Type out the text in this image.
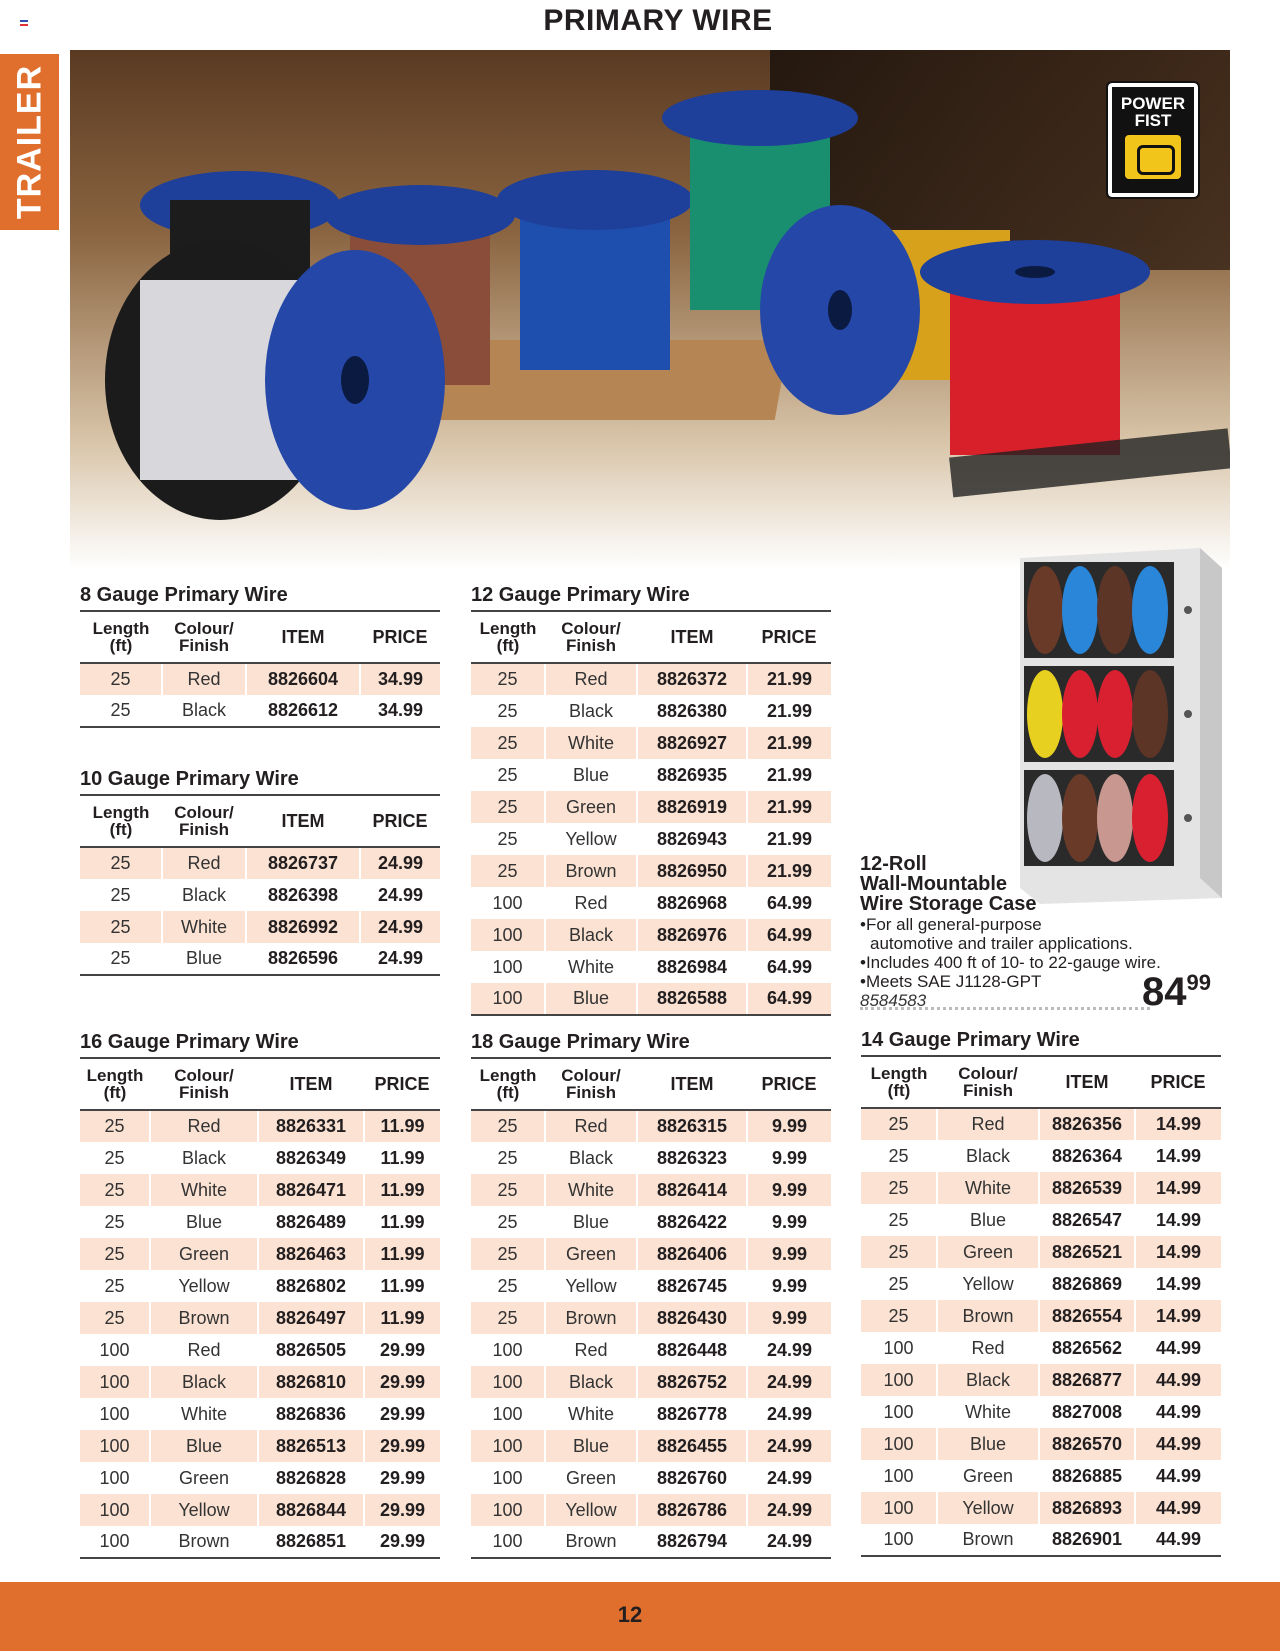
PRIMARY WIRE
TRAILER	POWER
FIST
8 Gauge Primary Wire
Length
(ft)	Colour/
Finish	ITEM	PRICE
25	Red	8826604	34.99
25	Black	8826612	34.99
10 Gauge Primary Wire
Length
(ft)	Colour/
Finish	ITEM	PRICE
25	Red	8826737	24.99
25	Black	8826398	24.99
25	White	8826992	24.99
25	Blue	8826596	24.99
12 Gauge Primary Wire
Length
(ft)	Colour/
Finish	ITEM	PRICE
25	Red	8826372	21.99
25	Black	8826380	21.99
25	White	8826927	21.99
25	Blue	8826935	21.99
25	Green	8826919	21.99
25	Yellow	8826943	21.99
25	Brown	8826950	21.99
100	Red	8826968	64.99
100	Black	8826976	64.99
100	White	8826984	64.99
100	Blue	8826588	64.99
16 Gauge Primary Wire
Length
(ft)	Colour/
Finish	ITEM	PRICE
25	Red	8826331	11.99
25	Black	8826349	11.99
25	White	8826471	11.99
25	Blue	8826489	11.99
25	Green	8826463	11.99
25	Yellow	8826802	11.99
25	Brown	8826497	11.99
100	Red	8826505	29.99
100	Black	8826810	29.99
100	White	8826836	29.99
100	Blue	8826513	29.99
100	Green	8826828	29.99
100	Yellow	8826844	29.99
100	Brown	8826851	29.99
18 Gauge Primary Wire
Length
(ft)	Colour/
Finish	ITEM	PRICE
25	Red	8826315	9.99
25	Black	8826323	9.99
25	White	8826414	9.99
25	Blue	8826422	9.99
25	Green	8826406	9.99
25	Yellow	8826745	9.99
25	Brown	8826430	9.99
100	Red	8826448	24.99
100	Black	8826752	24.99
100	White	8826778	24.99
100	Blue	8826455	24.99
100	Green	8826760	24.99
100	Yellow	8826786	24.99
100	Brown	8826794	24.99
14 Gauge Primary Wire
Length
(ft)	Colour/
Finish	ITEM	PRICE
25	Red	8826356	14.99
25	Black	8826364	14.99
25	White	8826539	14.99
25	Blue	8826547	14.99
25	Green	8826521	14.99
25	Yellow	8826869	14.99
25	Brown	8826554	14.99
100	Red	8826562	44.99
100	Black	8826877	44.99
100	White	8827008	44.99
100	Blue	8826570	44.99
100	Green	8826885	44.99
100	Yellow	8826893	44.99
100	Brown	8826901	44.99
12-Roll
Wall-Mountable
Wire Storage Case
•For all general-purpose
automotive and trailer applications.
•Includes 400 ft of 10- to 22-gauge wire.
•Meets SAE J1128-GPT
8584583	8499
12
